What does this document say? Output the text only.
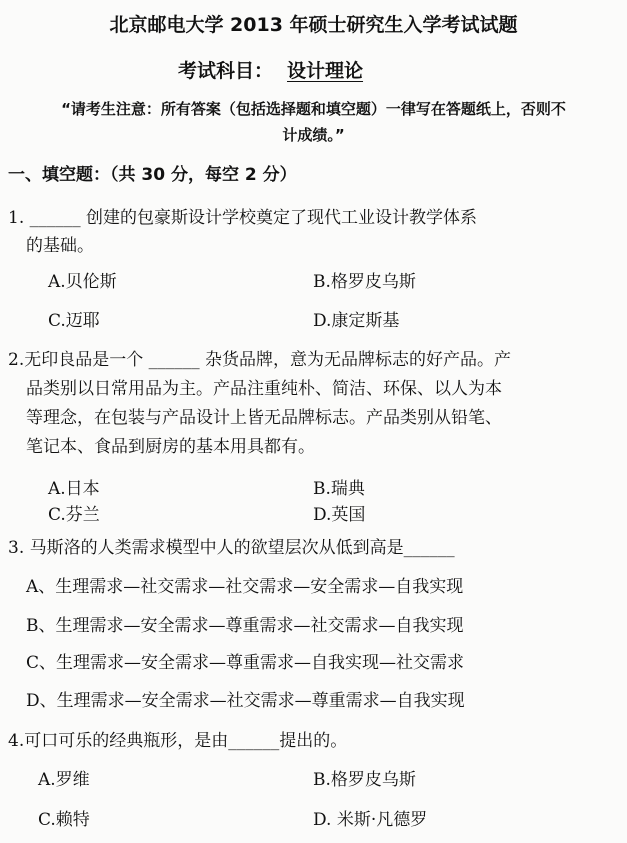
北京邮电大学 2013 年硕士研究生入学考试试题
考试科目： 设计理论
“请考生注意：所有答案（包括选择题和填空题）一律写在答题纸上，否则不
计成绩。”
一、填空题：（共 30 分，每空 2 分）
1. ______ 创建的包豪斯设计学校奠定了现代工业设计教学体系
的基础。
A.贝伦斯	B.格罗皮乌斯
C.迈耶	D.康定斯基
2.无印良品是一个 ______ 杂货品牌，意为无品牌标志的好产品。产
品类别以日常用品为主。产品注重纯朴、简洁、环保、以人为本
等理念，在包装与产品设计上皆无品牌标志。产品类别从铅笔、
笔记本、食品到厨房的基本用具都有。
A.日本	B.瑞典
C.芬兰	D.英国
3. 马斯洛的人类需求模型中人的欲望层次从低到高是______
A、生理需求—社交需求—社交需求—安全需求—自我实现
B、生理需求—安全需求—尊重需求—社交需求—自我实现
C、生理需求—安全需求—尊重需求—自我实现—社交需求
D、生理需求—安全需求—社交需求—尊重需求—自我实现
4.可口可乐的经典瓶形，是由______提出的。
A.罗维	B.格罗皮乌斯
C.赖特	D. 米斯·凡德罗
